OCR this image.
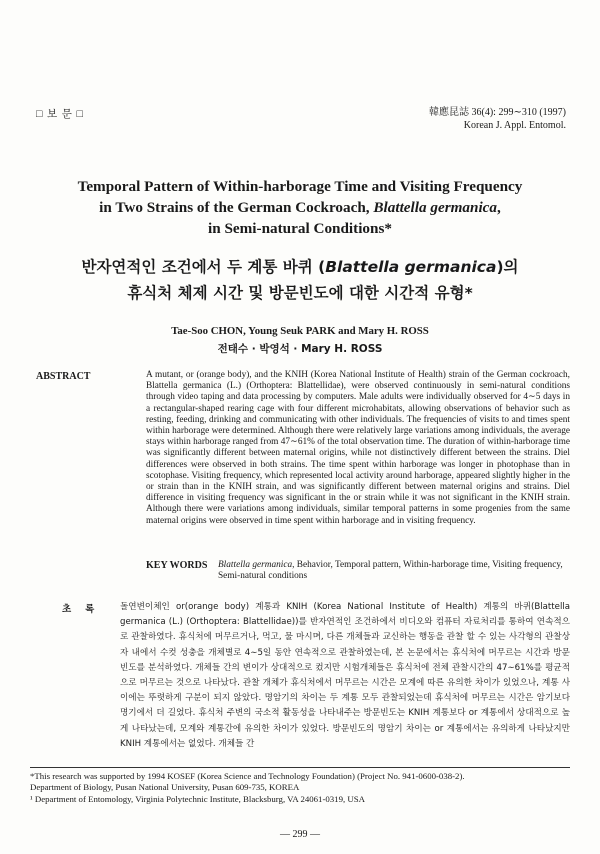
□ 보 문 □	韓應昆誌 36(4): 299∼310 (1997)
Korean J. Appl. Entomol.
Temporal Pattern of Within-harborage Time and Visiting Frequency
in Two Strains of the German Cockroach, Blattella germanica,
in Semi-natural Conditions*
반자연적인 조건에서 두 계통 바퀴 (Blattella germanica)의
휴식처 체제 시간 및 방문빈도에 대한 시간적 유형*
Tae-Soo CHON, Young Seuk PARK and Mary H. ROSS
전태수 · 박영석 · Mary H. ROSS
ABSTRACT	A mutant, or (orange body), and the KNIH (Korea National Institute of Health) strain of the German cockroach, Blattella germanica (L.) (Orthoptera: Blattellidae), were observed continuously in semi-natural conditions through video taping and data processing by computers. Male adults were individually observed for 4∼5 days in a rectangular-shaped rearing cage with four different microhabitats, allowing observations of behavior such as resting, feeding, drinking and communicating with other individuals. The frequencies of visits to and times spent within harborage were determined. Although there were relatively large variations among individuals, the average stays within harborage ranged from 47∼61% of the total observation time. The duration of within-harborage time was significantly different between maternal origins, while not distinctively different between the strains. Diel differences were observed in both strains. The time spent within harborage was longer in photophase than in scotophase. Visiting frequency, which represented local activity around harborage, appeared slightly higher in the or strain than in the KNIH strain, and was significantly different between maternal origins and strains. Diel difference in visiting frequency was significant in the or strain while it was not significant in the KNIH strain. Although there were variations among individuals, similar temporal patterns in some progenies from the same maternal origins were observed in time spent within harborage and in visiting frequency.
KEY WORDS Blattella germanica, Behavior, Temporal pattern, Within-harborage time, Visiting frequency, Semi-natural conditions
초록 돌연변이체인 or(orange body) 계통과 KNIH (Korea National Institute of Health) 계통의 바퀴(Blattella germanica (L.) (Orthoptera: Blattellidae))를 반자연적인 조건하에서 비디오와 컴퓨터 자료처리를 통하여 연속적으로 관찰하였다. 휴식처에 머무르거나, 먹고, 물 마시며, 다른 개체들과 교신하는 행동을 관찰 할 수 있는 사각형의 관찰상자 내에서 수컷 성충을 개체별로 4∼5일 동안 연속적으로 관찰하였는데, 본 논문에서는 휴식처에 머무르는 시간과 방문 빈도를 분석하였다. 개체들 간의 변이가 상대적으로 컸지만 시험개체들은 휴식처에 전체 관찰시간의 47∼61%를 평균적으로 머무르는 것으로 나타났다. 관찰 개체가 휴식처에서 머무르는 시간은 모계에 따른 유의한 차이가 있었으나, 계통 사이에는 뚜렷하게 구분이 되지 않았다. 명암기의 차이는 두 계통 모두 관찰되었는데 휴식처에 머무르는 시간은 암기보다 명기에서 더 길었다. 휴식처 주변의 국소적 활동성을 나타내주는 방문빈도는 KNIH 계통보다 or 계통에서 상대적으로 높게 나타났는데, 모계와 계통간에 유의한 차이가 있었다. 방문빈도의 명암기 차이는 or 계통에서는 유의하게 나타났지만 KNIH 계통에서는 없었다. 개체들 간
*This research was supported by 1994 KOSEF (Korea Science and Technology Foundation) (Project No. 941-0600-038-2).
Department of Biology, Pusan National University, Pusan 609-735, KOREA
¹ Department of Entomology, Virginia Polytechnic Institute, Blacksburg, VA 24061-0319, USA
— 299 —
